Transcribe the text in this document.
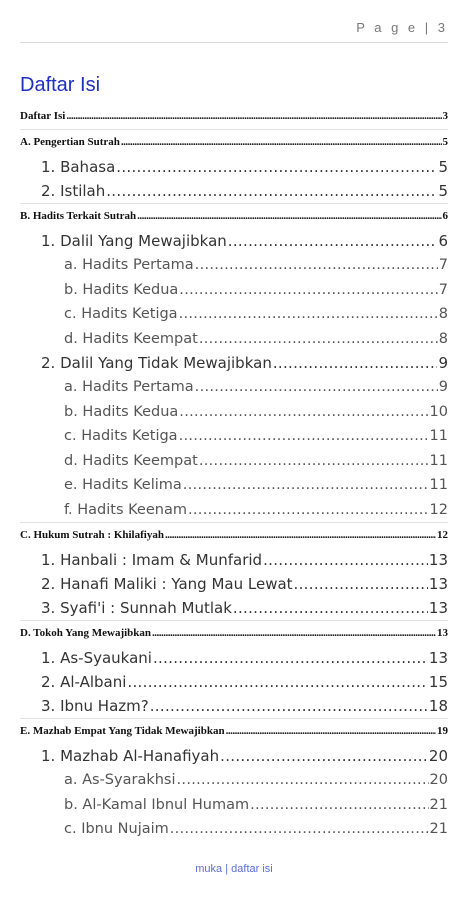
P a g e | 3
Daftar Isi
Daftar Isi .....	3
A. Pengertian Sutrah .....	5
1. Bahasa .....	5
2. Istilah .....	5
B. Hadits Terkait Sutrah .....	6
1. Dalil Yang Mewajibkan .....	6
a. Hadits Pertama .....	7
b. Hadits Kedua .....	7
c. Hadits Ketiga .....	8
d. Hadits Keempat .....	8
2. Dalil Yang Tidak Mewajibkan .....	9
a. Hadits Pertama .....	9
b. Hadits Kedua .....	10
c. Hadits Ketiga .....	11
d. Hadits Keempat .....	11
e. Hadits Kelima .....	11
f. Hadits Keenam .....	12
C. Hukum Sutrah : Khilafiyah .....	12
1. Hanbali : Imam & Munfarid .....	13
2. Hanafi Maliki : Yang Mau Lewat .....	13
3. Syafi'i : Sunnah Mutlak .....	13
D. Tokoh Yang Mewajibkan .....	13
1. As-Syaukani .....	13
2. Al-Albani .....	15
3. Ibnu Hazm? .....	18
E. Mazhab Empat Yang Tidak Mewajibkan .....	19
1. Mazhab Al-Hanafiyah .....	20
a. As-Syarakhsi .....	20
b. Al-Kamal Ibnul Humam .....	21
c. Ibnu Nujaim .....	21
muka | daftar isi
